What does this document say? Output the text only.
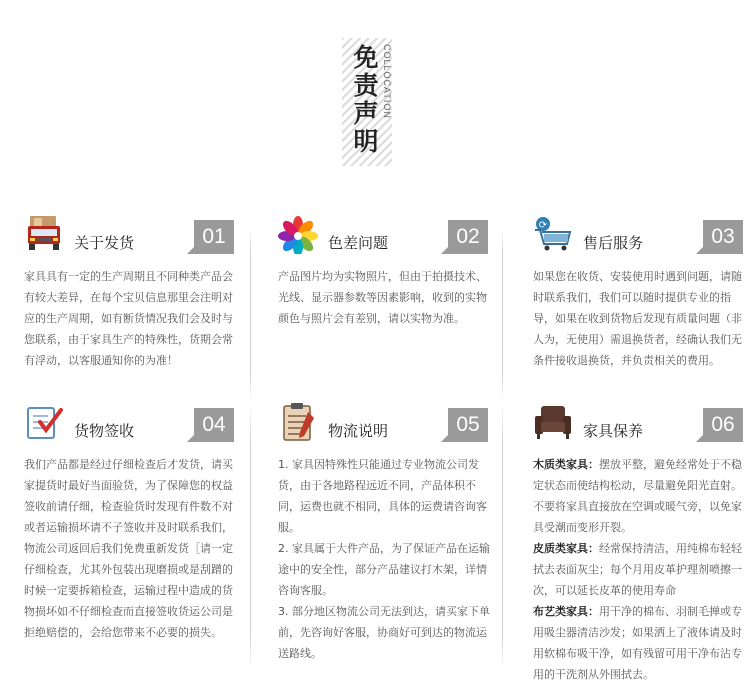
免责声明 COLLOCATION
关于发货	01

家具具有一定的生产周期且不同种类产品会有较大差异，在每个宝贝信息那里会注明对应的生产周期，如有断货情况我们会及时与您联系，由于家具生产的特殊性，货期会常有浮动，以客服通知你的为准！

色差问题	02

产品图片均为实物照片，但由于拍摄技术、光线、显示器参数等因素影响，收到的实物颜色与照片会有差别，请以实物为准。

⟳
售后服务	03

如果您在收货、安装使用时遇到问题，请随时联系我们，我们可以随时提供专业的指导，如果在收到货物后发现有质量问题（非人为，无使用）需退换货者，经确认我们无条件接收退换货，并负责相关的费用。

货物签收	04

我们产品都是经过仔细检查后才发货，请买家提货时最好当面验货，为了保障您的权益签收前请仔细，检查验货时发现有件数不对或者运输损坏请不子签收并及时联系我们，物流公司返回后我们免费重新发货［请一定仔细检查，尤其外包装出现磨损或是刮蹭的时候一定要拆箱检查，运输过程中造成的货物损坏如不仔细检查而直接签收货运公司是拒绝赔偿的，会给您带来不必要的损失。

物流说明	05

1. 家具因特殊性只能通过专业物流公司发货，由于各地路程远近不同，产品体积不同，运费也就不相同，具体的运费请咨询客服。

2. 家具属于大件产品，为了保证产品在运输途中的安全性，部分产品建议打木架，详情咨询客服。

3. 部分地区物流公司无法到达，请买家下单前，先咨询好客服，协商好可到达的物流运送路线。

家具保养	06

木质类家具：摆放平整，避免经常处于不稳定状态而使结构松动，尽量避免阳光直射。不要将家具直接放在空调或暖气旁，以免家具受潮而变形开裂。

皮质类家具：经常保持清洁，用纯棉布轻轻拭去表面灰尘；每个月用皮革护理剂喷擦一次，可以延长皮革的使用寿命

布艺类家具：用干净的棉布、羽制毛掸或专用吸尘器清洁沙发；如果洒上了液体请及时用软棉布吸干净，如有残留可用干净布沾专用的干洗剂从外围拭去。
